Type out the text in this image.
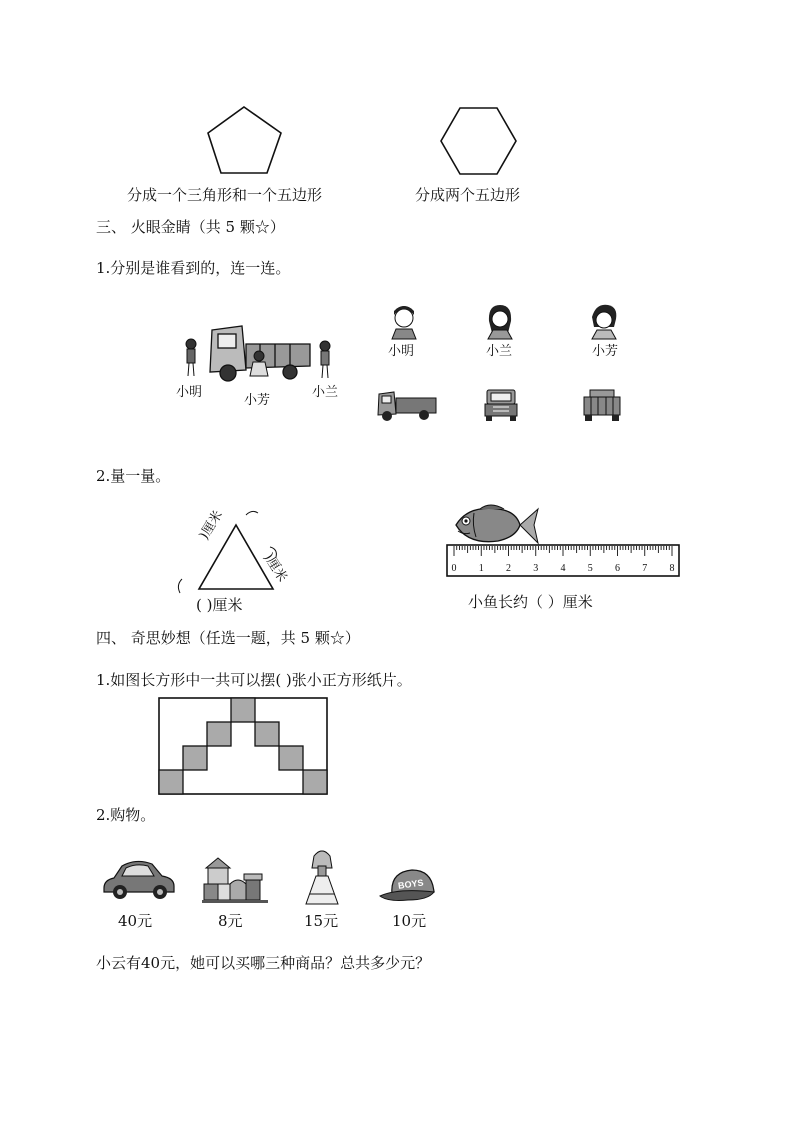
分成一个三角形和一个五边形	分成两个五边形
三、 火眼金睛（共 5 颗☆）
1.分别是谁看到的，连一连。
小明
小芳
小兰
小明	小兰	小芳
2.量一量。
)厘米
)厘米
( )厘米
0 1 2 3 4 5 6 7 8
小鱼长约（ ）厘米
四、 奇思妙想（任选一题，共 5 颗☆）
1.如图长方形中一共可以摆( )张小正方形纸片。
2.购物。
BOYS
40元	8元	15元	10元
小云有40元，她可以买哪三种商品？总共多少元？
